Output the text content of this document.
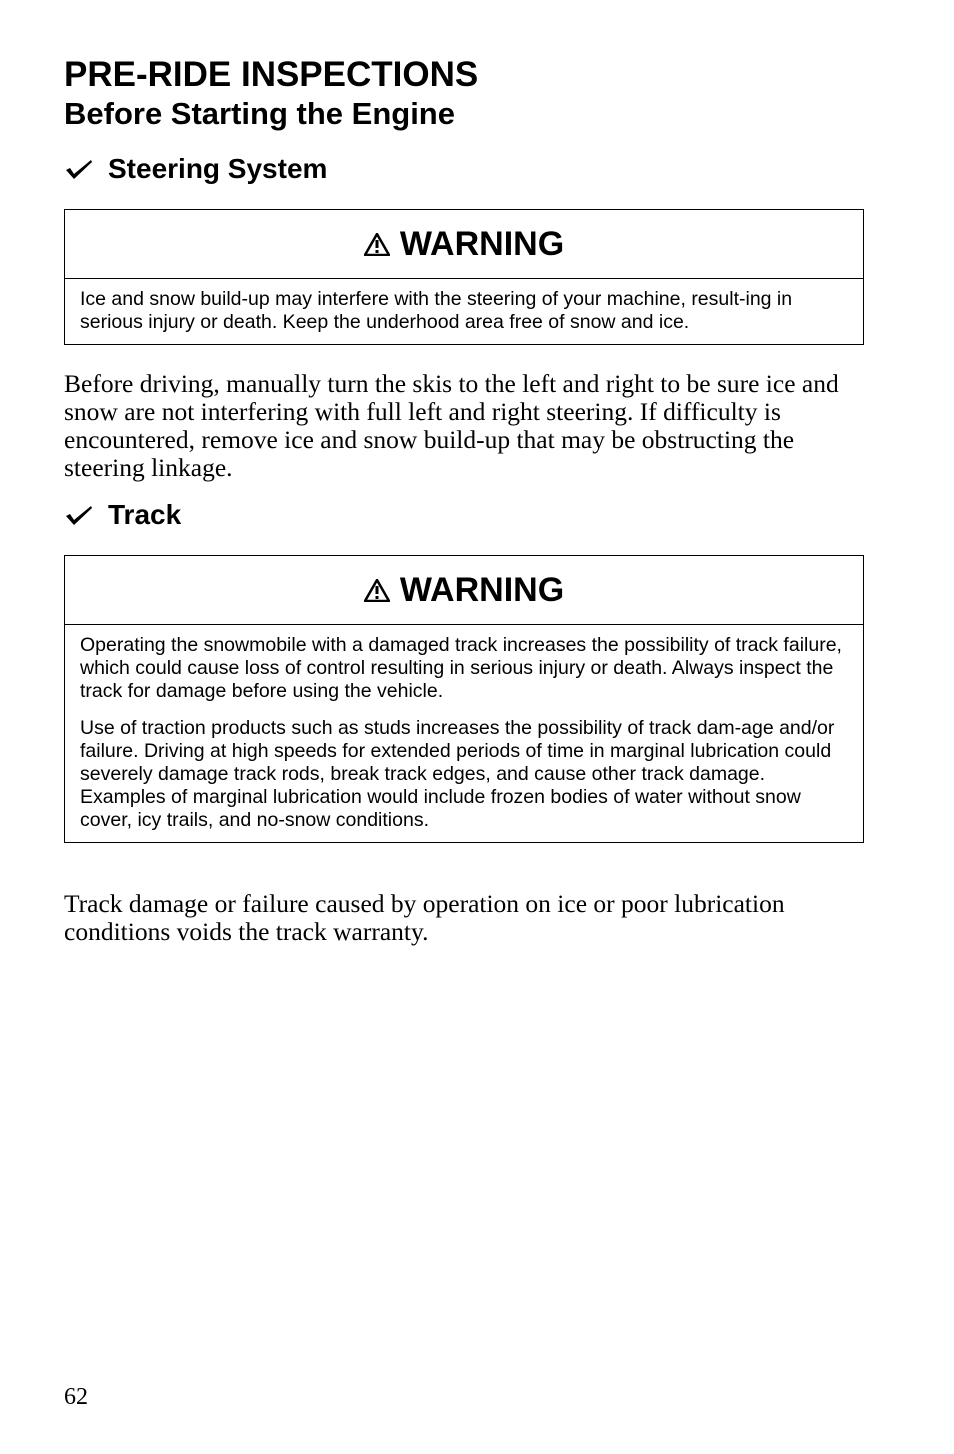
PRE-RIDE INSPECTIONS
Before Starting the Engine
Steering System
WARNING

Ice and snow build-up may interfere with the steering of your machine, result-ing in serious injury or death. Keep the underhood area free of snow and ice.

Before driving, manually turn the skis to the left and right to be sure ice and snow are not interfering with full left and right steering. If difficulty is encountered, remove ice and snow build-up that may be obstructing the steering linkage.

Track
WARNING

Operating the snowmobile with a damaged track increases the possibility of track failure, which could cause loss of control resulting in serious injury or death. Always inspect the track for damage before using the vehicle.

Use of traction products such as studs increases the possibility of track dam-age and/or failure. Driving at high speeds for extended periods of time in marginal lubrication could severely damage track rods, break track edges, and cause other track damage. Examples of marginal lubrication would include frozen bodies of water without snow cover, icy trails, and no-snow conditions.

Track damage or failure caused by operation on ice or poor lubrication conditions voids the track warranty.

62
